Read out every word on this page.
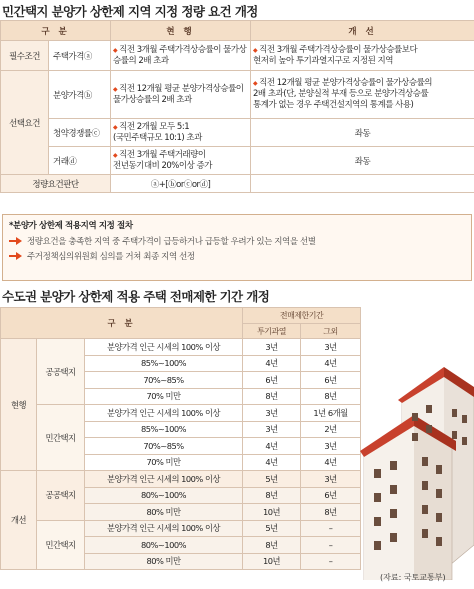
민간택지 분양가 상한제 지역 지정 정량 요건 개정
구 분		현 행	개 선
필수조건	주택가격ⓐ	◆ 직전 3개월 주택가격상승률이 물가상승률의 2배 초과	◆ 직전 3개월 주택가격상승률이 물가상승률보다
현저히 높아 투기과열지구로 지정된 지역

선택요건	분양가격ⓑ	◆ 직전 12개월 평균 분양가격상승률이 물가상승률의 2배 초과	◆ 직전 12개월 평균 분양가격상승률이 물가상승률의
2배 초과(단, 분양실적 부재 등으로 분양가격상승률
통계가 없는 경우 주택건설지역의 통계를 사용)

	청약경쟁률ⓒ	◆ 직전 2개월 모두 5:1
(국민주택규모 10:1) 초과	좌동
	거래ⓓ	◆ 직전 3개월 주택거래량이
전년동기대비 20%이상 증가	좌동
정량요건판단		ⓐ+[ⓑorⓒorⓓ]	
*분양가 상한제 적용지역 지정 절차
정량요건을 충족한 지역 중 주택가격이 급등하거나 급등할 우려가 있는 지역을 선별
주거정책심의위원회 심의를 거쳐 최종 지역 선정
수도권 분양가 상한제 적용 주택 전매제한 기간 개정
구 분			전매제한기간	
			투기과열	그외
현행	공공택지	분양가격 인근 시세의 100% 이상	3년	3년
		85%~100%	4년	4년
		70%~85%	6년	6년
		70% 미만	8년	8년
	민간택지	분양가격 인근 시세의 100% 이상	3년	1년 6개월
		85%~100%	3년	2년
		70%~85%	4년	3년
		70% 미만	4년	4년
개선	공공택지	분양가격 인근 시세의 100% 이상	5년	3년
		80%~100%	8년	6년
		80% 미만	10년	8년
	민간택지	분양가격 인근 시세의 100% 이상	5년	–
		80%~100%	8년	–
		80% 미만	10년	–
(자료: 국토교통부)
